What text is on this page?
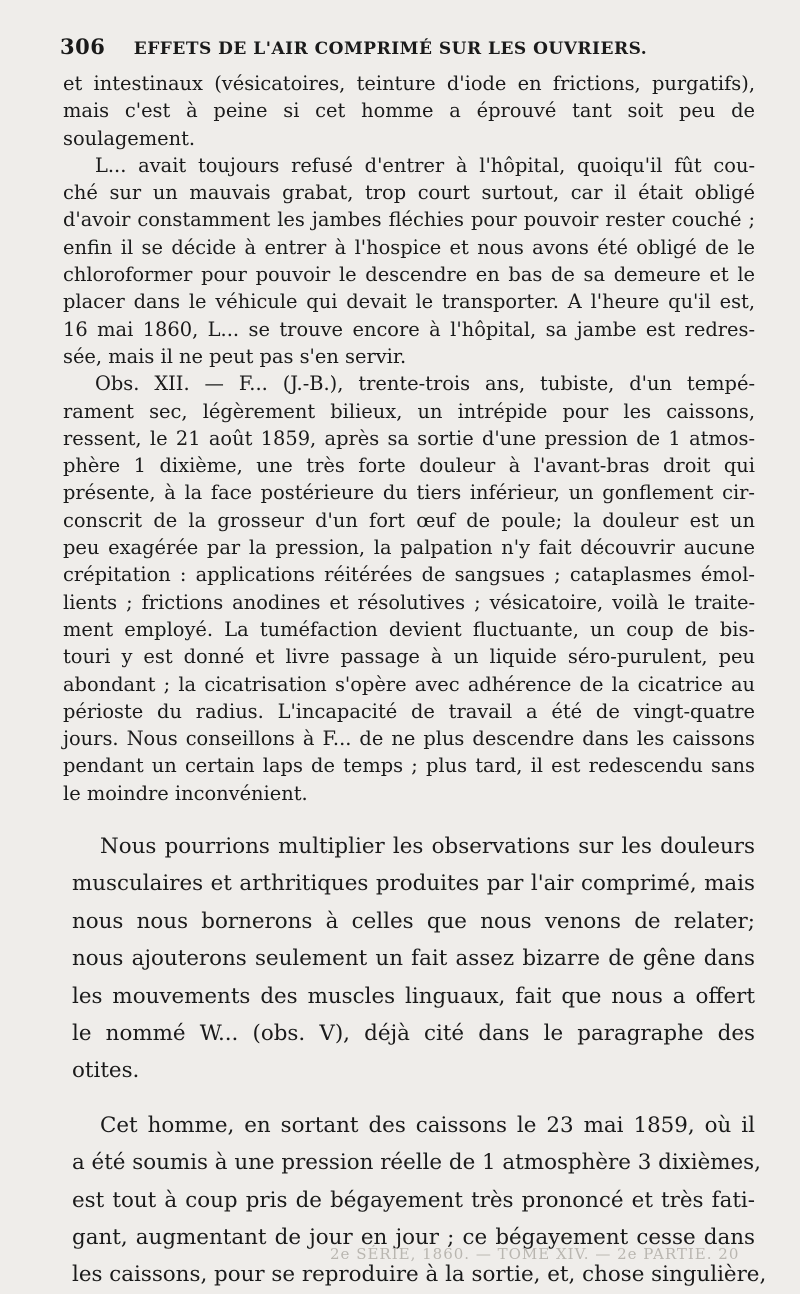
306 EFFETS DE L'AIR COMPRIMÉ SUR LES OUVRIERS.
et intestinaux (vésicatoires, teinture d'iode en frictions, purgatifs),
mais c'est à peine si cet homme a éprouvé tant soit peu de
soulagement.
L... avait toujours refusé d'entrer à l'hôpital, quoiqu'il fût cou-
ché sur un mauvais grabat, trop court surtout, car il était obligé
d'avoir constamment les jambes fléchies pour pouvoir rester couché ;
enfin il se décide à entrer à l'hospice et nous avons été obligé de le
chloroformer pour pouvoir le descendre en bas de sa demeure et le
placer dans le véhicule qui devait le transporter. A l'heure qu'il est,
16 mai 1860, L... se trouve encore à l'hôpital, sa jambe est redres-
sée, mais il ne peut pas s'en servir.
Obs. XII. — F... (J.-B.), trente-trois ans, tubiste, d'un tempé-
rament sec, légèrement bilieux, un intrépide pour les caissons,
ressent, le 21 août 1859, après sa sortie d'une pression de 1 atmos-
phère 1 dixième, une très forte douleur à l'avant-bras droit qui
présente, à la face postérieure du tiers inférieur, un gonflement cir-
conscrit de la grosseur d'un fort œuf de poule; la douleur est un
peu exagérée par la pression, la palpation n'y fait découvrir aucune
crépitation : applications réitérées de sangsues ; cataplasmes émol-
lients ; frictions anodines et résolutives ; vésicatoire, voilà le traite-
ment employé. La tuméfaction devient fluctuante, un coup de bis-
touri y est donné et livre passage à un liquide séro-purulent, peu
abondant ; la cicatrisation s'opère avec adhérence de la cicatrice au
périoste du radius. L'incapacité de travail a été de vingt-quatre
jours. Nous conseillons à F... de ne plus descendre dans les caissons
pendant un certain laps de temps ; plus tard, il est redescendu sans
le moindre inconvénient.
Nous pourrions multiplier les observations sur les douleurs
musculaires et arthritiques produites par l'air comprimé, mais
nous nous bornerons à celles que nous venons de relater;
nous ajouterons seulement un fait assez bizarre de gêne dans
les mouvements des muscles linguaux, fait que nous a offert
le nommé W... (obs. V), déjà cité dans le paragraphe des
otites.
Cet homme, en sortant des caissons le 23 mai 1859, où il
a été soumis à une pression réelle de 1 atmosphère 3 dixièmes,
est tout à coup pris de bégayement très prononcé et très fati-
gant, augmentant de jour en jour ; ce bégayement cesse dans
les caissons, pour se reproduire à la sortie, et, chose singulière,
2e SÉRIE, 1860. — TOME XIV. — 2e PARTIE. 20
